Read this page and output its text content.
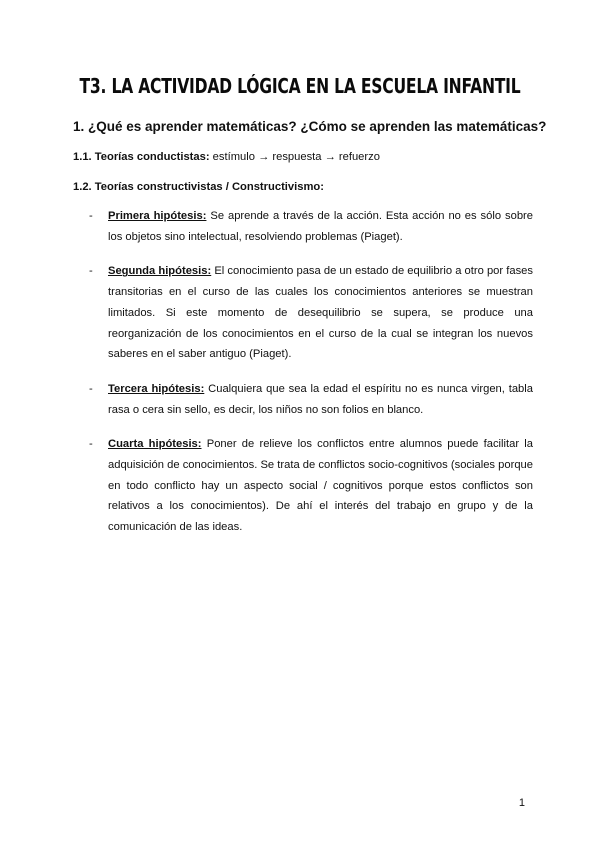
T3. LA ACTIVIDAD LÓGICA EN LA ESCUELA INFANTIL
1. ¿Qué es aprender matemáticas? ¿Cómo se aprenden las matemáticas?
1.1. Teorías conductistas: estímulo → respuesta → refuerzo
1.2. Teorías constructivistas / Constructivismo:
- Primera hipótesis: Se aprende a través de la acción. Esta acción no es sólo sobre los objetos sino intelectual, resolviendo problemas (Piaget).

- Segunda hipótesis: El conocimiento pasa de un estado de equilibrio a otro por fases transitorias en el curso de las cuales los conocimientos anteriores se muestran limitados. Si este momento de desequilibrio se supera, se produce una reorganización de los conocimientos en el curso de la cual se integran los nuevos saberes en el saber antiguo (Piaget).

- Tercera hipótesis: Cualquiera que sea la edad el espíritu no es nunca virgen, tabla rasa o cera sin sello, es decir, los niños no son folios en blanco.

- Cuarta hipótesis: Poner de relieve los conflictos entre alumnos puede facilitar la adquisición de conocimientos. Se trata de conflictos socio-cognitivos (sociales porque en todo conflicto hay un aspecto social / cognitivos porque estos conflictos son relativos a los conocimientos). De ahí el interés del trabajo en grupo y de la comunicación de las ideas.

1
